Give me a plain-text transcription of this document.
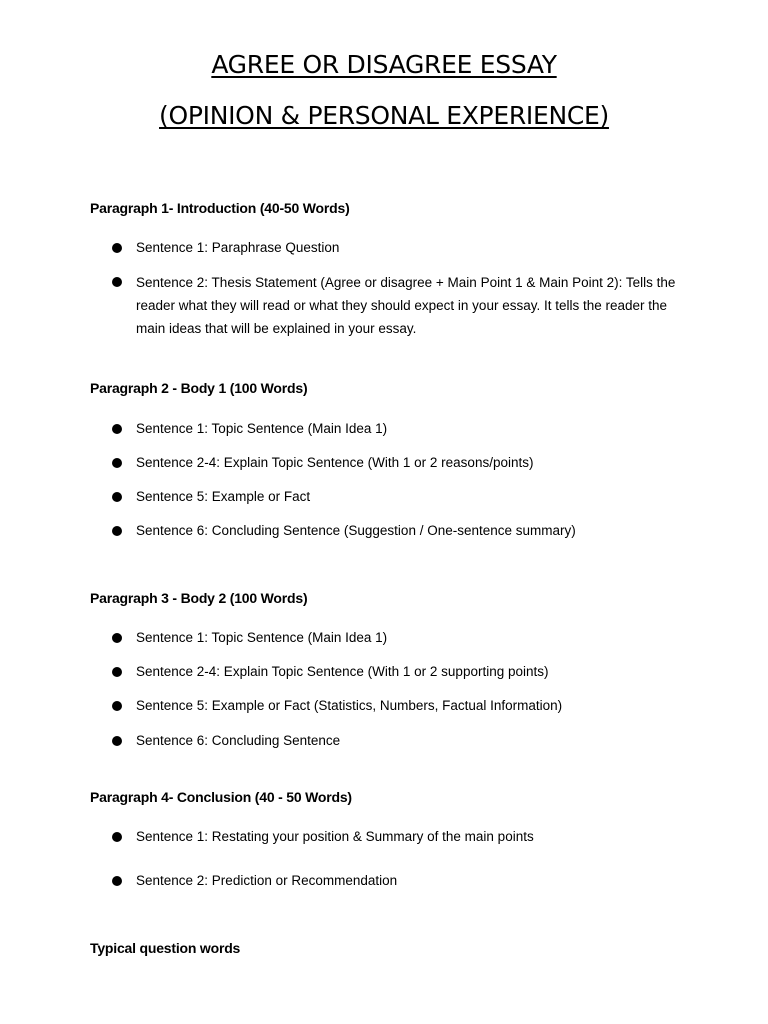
AGREE OR DISAGREE ESSAY
(OPINION & PERSONAL EXPERIENCE)
Paragraph 1- Introduction (40-50 Words)
Sentence 1: Paraphrase Question
Sentence 2: Thesis Statement (Agree or disagree + Main Point 1 & Main Point 2): Tells the reader what they will read or what they should expect in your essay. It tells the reader the main ideas that will be explained in your essay.
Paragraph 2 - Body 1 (100 Words)
Sentence 1: Topic Sentence (Main Idea 1)
Sentence 2-4: Explain Topic Sentence (With 1 or 2 reasons/points)
Sentence 5: Example or Fact
Sentence 6: Concluding Sentence (Suggestion / One-sentence summary)
Paragraph 3 - Body 2 (100 Words)
Sentence 1: Topic Sentence (Main Idea 1)
Sentence 2-4: Explain Topic Sentence (With 1 or 2 supporting points)
Sentence 5: Example or Fact (Statistics, Numbers, Factual Information)
Sentence 6: Concluding Sentence
Paragraph 4- Conclusion (40 - 50 Words)
Sentence 1: Restating your position & Summary of the main points
Sentence 2: Prediction or Recommendation
Typical question words
